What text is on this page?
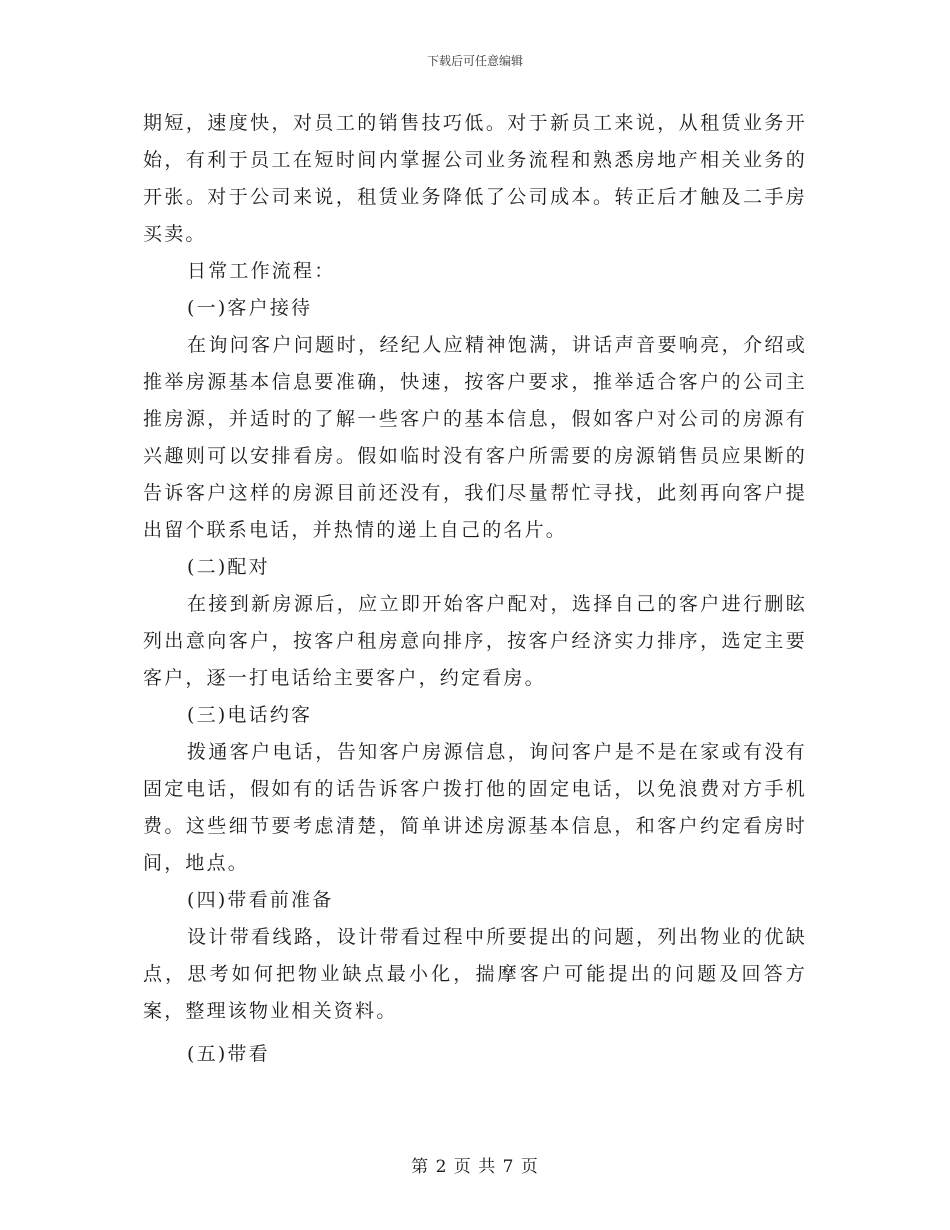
下载后可任意编辑

期短，速度快，对员工的销售技巧低。对于新员工来说，从租赁业务开始，有利于员工在短时间内掌握公司业务流程和熟悉房地产相关业务的开张。对于公司来说，租赁业务降低了公司成本。转正后才触及二手房买卖。

日常工作流程：

(一)客户接待

在询问客户问题时，经纪人应精神饱满，讲话声音要响亮，介绍或推举房源基本信息要准确，快速，按客户要求，推举适合客户的公司主推房源，并适时的了解一些客户的基本信息，假如客户对公司的房源有兴趣则可以安排看房。假如临时没有客户所需要的房源销售员应果断的告诉客户这样的房源目前还没有，我们尽量帮忙寻找，此刻再向客户提出留个联系电话，并热情的递上自己的名片。

(二)配对

在接到新房源后，应立即开始客户配对，选择自己的客户进行删眩列出意向客户，按客户租房意向排序，按客户经济实力排序，选定主要客户，逐一打电话给主要客户，约定看房。

(三)电话约客

拨通客户电话，告知客户房源信息，询问客户是不是在家或有没有固定电话，假如有的话告诉客户拨打他的固定电话，以免浪费对方手机费。这些细节要考虑清楚，简单讲述房源基本信息，和客户约定看房时间，地点。

(四)带看前准备

设计带看线路，设计带看过程中所要提出的问题，列出物业的优缺点，思考如何把物业缺点最小化，揣摩客户可能提出的问题及回答方案，整理该物业相关资料。

(五)带看

第 2 页 共 7 页
